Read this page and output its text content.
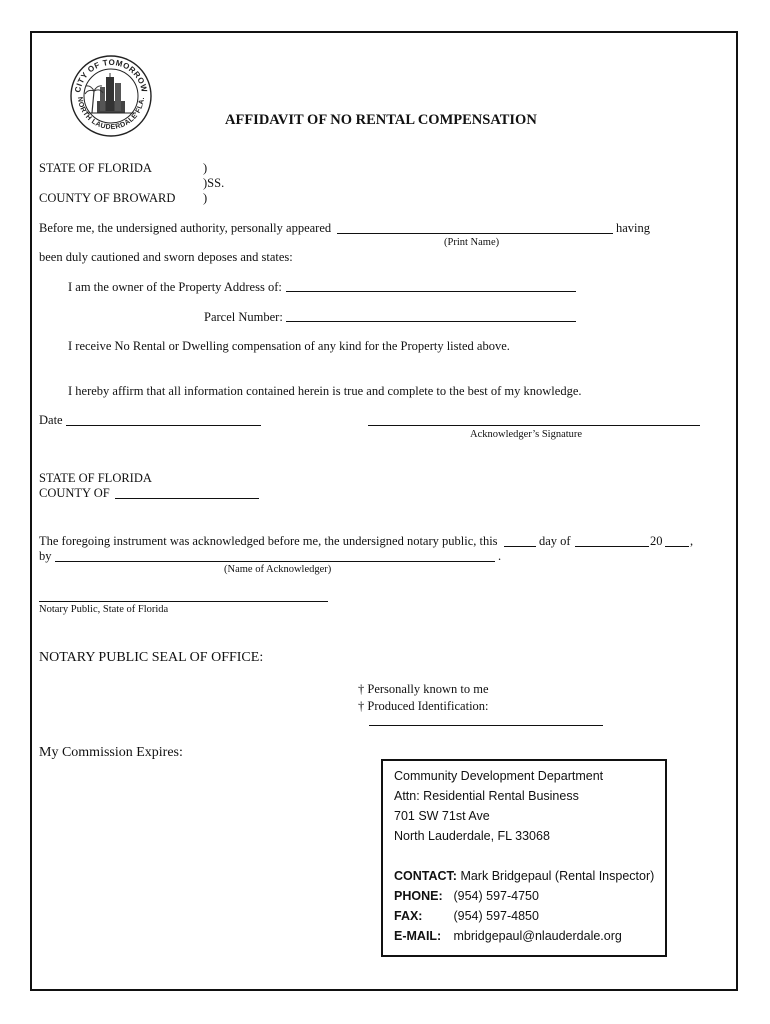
CITY OF TOMORROW
NORTH LAUDERDALE FLA.
AFFIDAVIT OF NO RENTAL COMPENSATION
STATE OF FLORIDA	)
)SS.
COUNTY OF BROWARD )
Before me, the undersigned authority, personally appeared	having
(Print Name)
been duly cautioned and sworn deposes and states:
I am the owner of the Property Address of:
Parcel Number:
I receive No Rental or Dwelling compensation of any kind for the Property listed above.
I hereby affirm that all information contained herein is true and complete to the best of my knowledge.
Date
Acknowledger’s Signature
STATE OF FLORIDA
COUNTY OF
The foregoing instrument was acknowledged before me, the undersigned notary public, this	day of	20 ,
by	.
(Name of Acknowledger)
Notary Public, State of Florida
NOTARY PUBLIC SEAL OF OFFICE:
† Personally known to me
† Produced Identification:
My Commission Expires:
Community Development Department
Attn: Residential Rental Business
701 SW 71st Ave
North Lauderdale, FL 33068
CONTACT: Mark Bridgepaul (Rental Inspector)
PHONE: (954) 597-4750
FAX: (954) 597-4850
E-MAIL: mbridgepaul@nlauderdale.org
